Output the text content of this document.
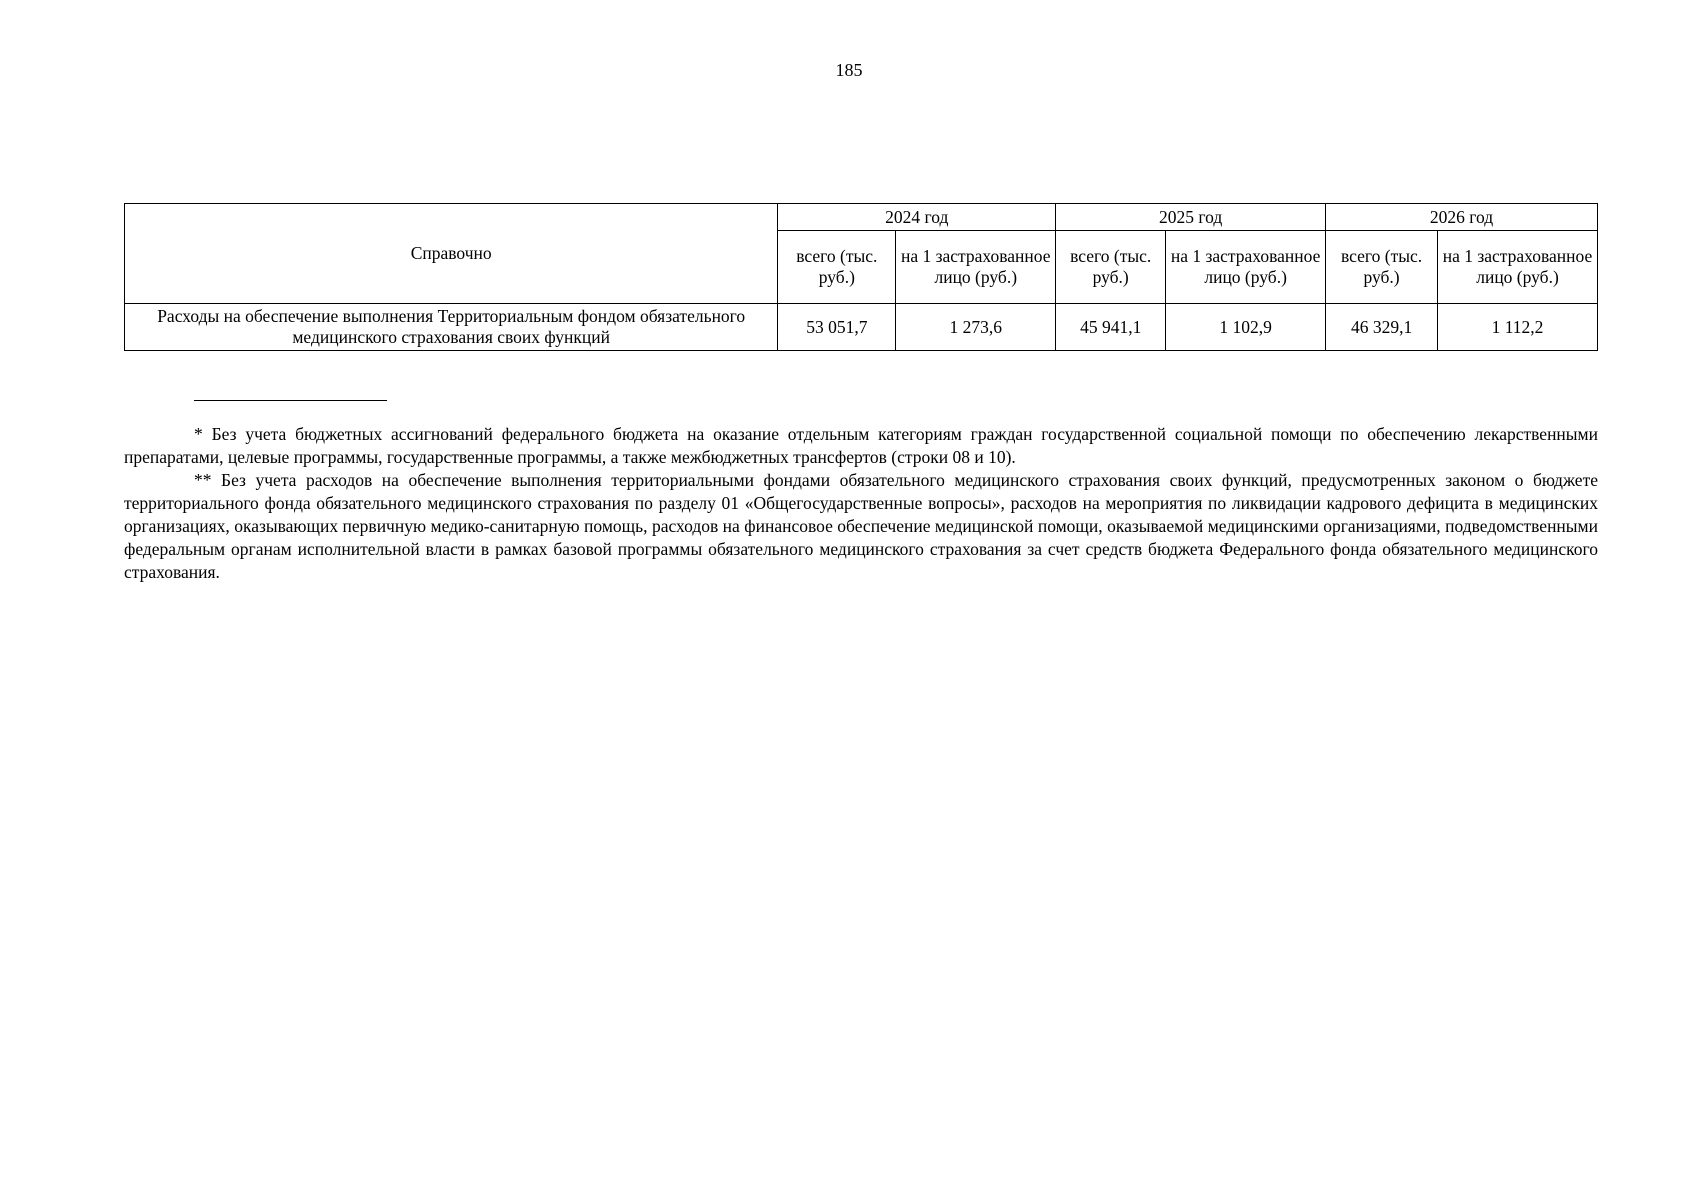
185
Справочно	2024 год		2025 год		2026 год	
	всего (тыс. руб.)	на 1 застрахованное лицо (руб.)	всего (тыс. руб.)	на 1 застрахованное лицо (руб.)	всего (тыс. руб.)	на 1 застрахованное лицо (руб.)
Расходы на обеспечение выполнения Территориальным фондом обязательного медицинского страхования своих функций	53 051,7	1 273,6	45 941,1	1 102,9	46 329,1	1 112,2

* Без учета бюджетных ассигнований федерального бюджета на оказание отдельным категориям граждан государственной социальной помощи по обеспечению лекарственными препаратами, целевые программы, государственные программы, а также межбюджетных трансфертов (строки 08 и 10).

** Без учета расходов на обеспечение выполнения территориальными фондами обязательного медицинского страхования своих функций, предусмотренных законом о бюджете территориального фонда обязательного медицинского страхования по разделу 01 «Общегосударственные вопросы», расходов на мероприятия по ликвидации кадрового дефицита в медицинских организациях, оказывающих первичную медико-санитарную помощь, расходов на финансовое обеспечение медицинской помощи, оказываемой медицинскими организациями, подведомственными федеральным органам исполнительной власти в рамках базовой программы обязательного медицинского страхования за счет средств бюджета Федерального фонда обязательного медицинского страхования.
